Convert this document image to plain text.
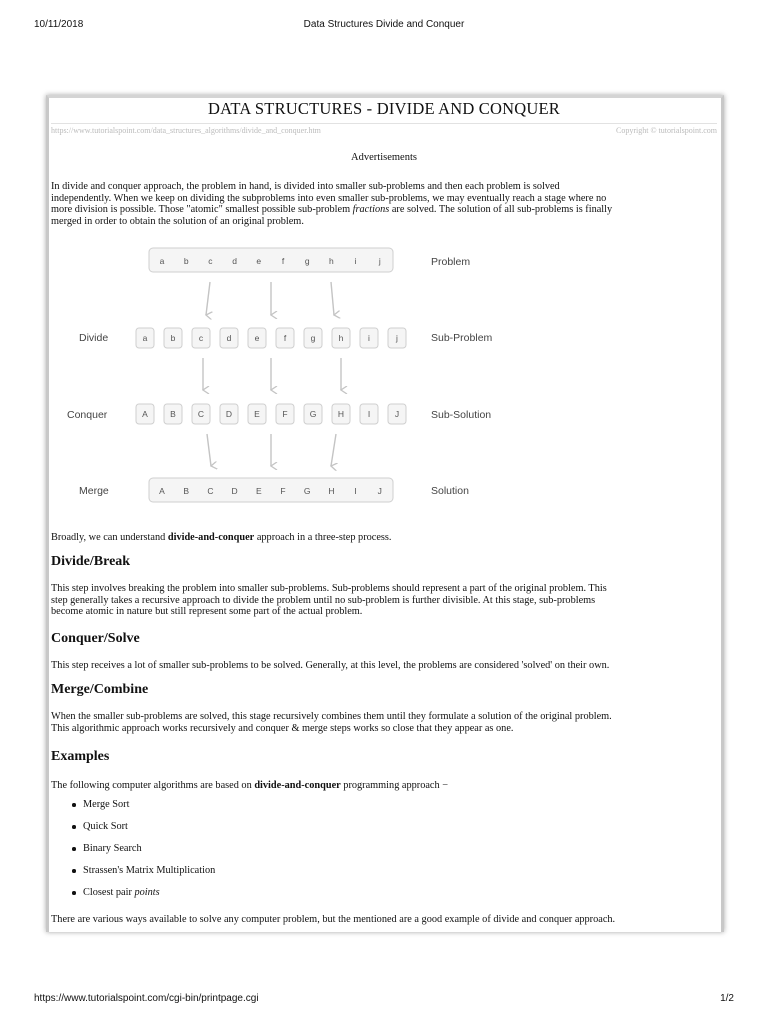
10/11/2018	Data Structures Divide and Conquer
DATA STRUCTURES - DIVIDE AND CONQUER
https://www.tutorialspoint.com/data_structures_algorithms/divide_and_conquer.htm	Copyright © tutorialspoint.com
Advertisements
In divide and conquer approach, the problem in hand, is divided into smaller sub-problems and then each problem is solved
independently. When we keep on dividing the subproblems into even smaller sub-problems, we may eventually reach a stage where no
more division is possible. Those "atomic" smallest possible sub-problem fractions are solved. The solution of all sub-problems is finally
merged in order to obtain the solution of an original problem.
a b c d e f g h i	j
a	b	c	d	e	f	g	h	i	j
A	B	C	D	E	F	G	H	I	J
A B C D E F G H I J
Divide
Conquer
Merge
Problem
Sub-Problem
Sub-Solution
Solution
Broadly, we can understand divide-and-conquer approach in a three-step process.
Divide/Break
This step involves breaking the problem into smaller sub-problems. Sub-problems should represent a part of the original problem. This
step generally takes a recursive approach to divide the problem until no sub-problem is further divisible. At this stage, sub-problems
become atomic in nature but still represent some part of the actual problem.
Conquer/Solve
This step receives a lot of smaller sub-problems to be solved. Generally, at this level, the problems are considered 'solved' on their own.
Merge/Combine
When the smaller sub-problems are solved, this stage recursively combines them until they formulate a solution of the original problem.
This algorithmic approach works recursively and conquer & merge steps works so close that they appear as one.
Examples
The following computer algorithms are based on divide-and-conquer programming approach −
Merge Sort
Quick Sort
Binary Search
Strassen's Matrix Multiplication
Closest pair points
There are various ways available to solve any computer problem, but the mentioned are a good example of divide and conquer approach.
https://www.tutorialspoint.com/cgi-bin/printpage.cgi	1/2
